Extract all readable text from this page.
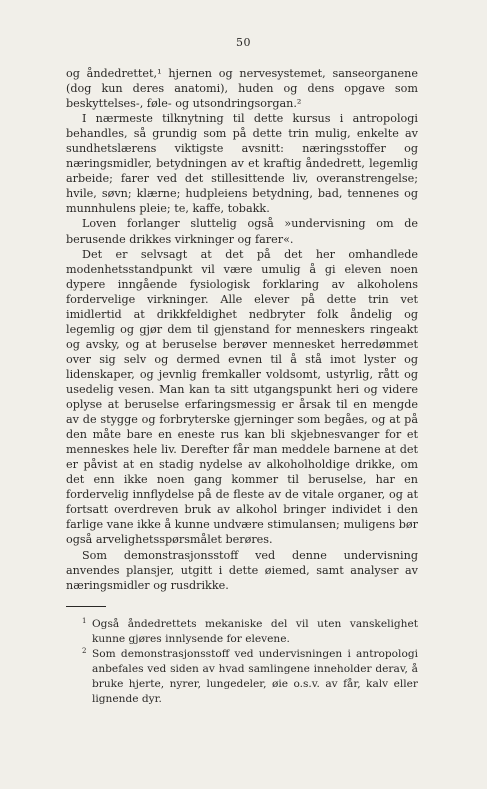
50

og åndedrettet,¹ hjernen og nervesystemet, sanseorganene (dog kun deres anatomi), huden og dens opgave som beskyttelses-, føle- og utsondringsorgan.²

I nærmeste tilknytning til dette kursus i antropologi behandles, så grundig som på dette trin mulig, enkelte av sundhetslærens viktigste avsnitt: næringsstoffer og næringsmidler, betydningen av et kraftig åndedrett, legemlig arbeide; farer ved det stillesittende liv, overanstrengelse; hvile, søvn; klærne; hudpleiens betydning, bad, tennenes og munnhulens pleie; te, kaffe, tobakk.

Loven forlanger sluttelig også »undervisning om de berusende drikkes virkninger og farer«.

Det er selvsagt at det på det her omhandlede modenhetsstandpunkt vil være umulig å gi eleven noen dypere inngående fysiologisk forklaring av alkoholens fordervelige virkninger. Alle elever på dette trin vet imidlertid at drikkfeldighet nedbryter folk åndelig og legemlig og gjør dem til gjenstand for menneskers ringeakt og avsky, og at beruselse berøver mennesket herredømmet over sig selv og dermed evnen til å stå imot lyster og lidenskaper, og jevnlig fremkaller voldsomt, ustyrlig, rått og usedelig vesen. Man kan ta sitt utgangspunkt heri og videre oplyse at beruselse erfaringsmessig er årsak til en mengde av de stygge og forbryterske gjerninger som begåes, og at på den måte bare en eneste rus kan bli skjebnesvanger for et menneskes hele liv. Derefter får man meddele barnene at det er påvist at en stadig nydelse av alkoholholdige drikke, om det enn ikke noen gang kommer til beruselse, har en fordervelig innflydelse på de fleste av de vitale organer, og at fortsatt overdreven bruk av alkohol bringer individet i den farlige vane ikke å kunne undvære stimulansen; muligens bør også arvelighetsspørsmålet berøres.

Som demonstrasjonsstoff ved denne undervisning anvendes plansjer, utgitt i dette øiemed, samt analyser av næringsmidler og rusdrikke.

1 Også åndedrettets mekaniske del vil uten vanskelighet kunne gjøres innlysende for elevene.

2 Som demonstrasjonsstoff ved undervisningen i antropologi anbefales ved siden av hvad samlingene inneholder derav, å bruke hjerte, nyrer, lungedeler, øie o.s.v. av får, kalv eller lignende dyr.
